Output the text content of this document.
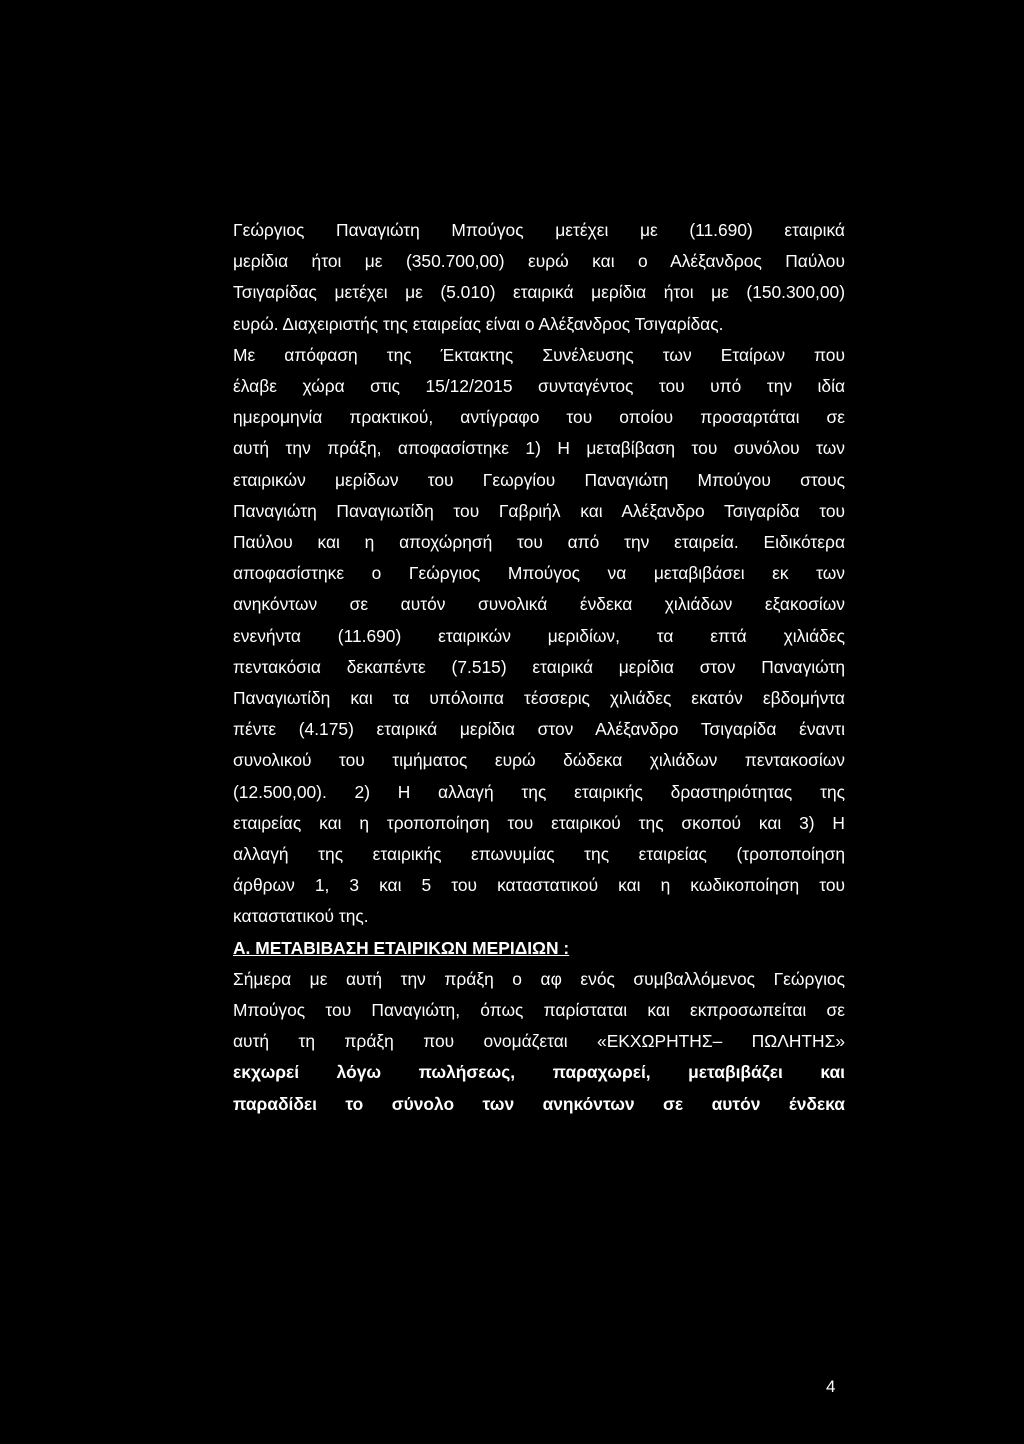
Γεώργιος Παναγιώτη Μπούγος μετέχει με (11.690) εταιρικά
μερίδια ήτοι με (350.700,00) ευρώ και ο Αλέξανδρος Παύλου
Τσιγαρίδας μετέχει με (5.010) εταιρικά μερίδια ήτοι με (150.300,00)
ευρώ. Διαχειριστής της εταιρείας είναι ο Αλέξανδρος Τσιγαρίδας.
Με απόφαση της Έκτακτης Συνέλευσης των Εταίρων που
έλαβε χώρα στις 15/12/2015 συνταγέντος του υπό την ιδία
ημερομηνία πρακτικού, αντίγραφο του οποίου προσαρτάται σε
αυτή την πράξη, αποφασίστηκε 1) Η μεταβίβαση του συνόλου των
εταιρικών μερίδων του Γεωργίου Παναγιώτη Μπούγου στους
Παναγιώτη Παναγιωτίδη του Γαβριήλ και Αλέξανδρο Τσιγαρίδα του
Παύλου και η αποχώρησή του από την εταιρεία. Ειδικότερα
αποφασίστηκε ο Γεώργιος Μπούγος να μεταβιβάσει εκ των
ανηκόντων σε αυτόν συνολικά ένδεκα χιλιάδων εξακοσίων
ενενήντα (11.690) εταιρικών μεριδίων, τα επτά χιλιάδες
πεντακόσια δεκαπέντε (7.515) εταιρικά μερίδια στον Παναγιώτη
Παναγιωτίδη και τα υπόλοιπα τέσσερις χιλιάδες εκατόν εβδομήντα
πέντε (4.175) εταιρικά μερίδια στον Αλέξανδρο Τσιγαρίδα έναντι
συνολικού του τιμήματος ευρώ δώδεκα χιλιάδων πεντακοσίων
(12.500,00). 2) Η αλλαγή της εταιρικής δραστηριότητας της
εταιρείας και η τροποποίηση του εταιρικού της σκοπού και 3) Η
αλλαγή της εταιρικής επωνυμίας της εταιρείας (τροποποίηση
άρθρων 1, 3 και 5 του καταστατικού και η κωδικοποίηση του
καταστατικού της.
Α. ΜΕΤΑΒΙΒΑΣΗ ΕΤΑΙΡΙΚΩΝ ΜΕΡΙΔΙΩΝ :
Σήμερα με αυτή την πράξη ο αφ ενός συμβαλλόμενος Γεώργιος
Μπούγος του Παναγιώτη, όπως παρίσταται και εκπροσωπείται σε
αυτή τη πράξη που ονομάζεται «ΕΚΧΩΡΗΤΗΣ– ΠΩΛΗΤΗΣ»
εκχωρεί λόγω πωλήσεως, παραχωρεί, μεταβιβάζει και
παραδίδει το σύνολο των ανηκόντων σε αυτόν ένδεκα
4
